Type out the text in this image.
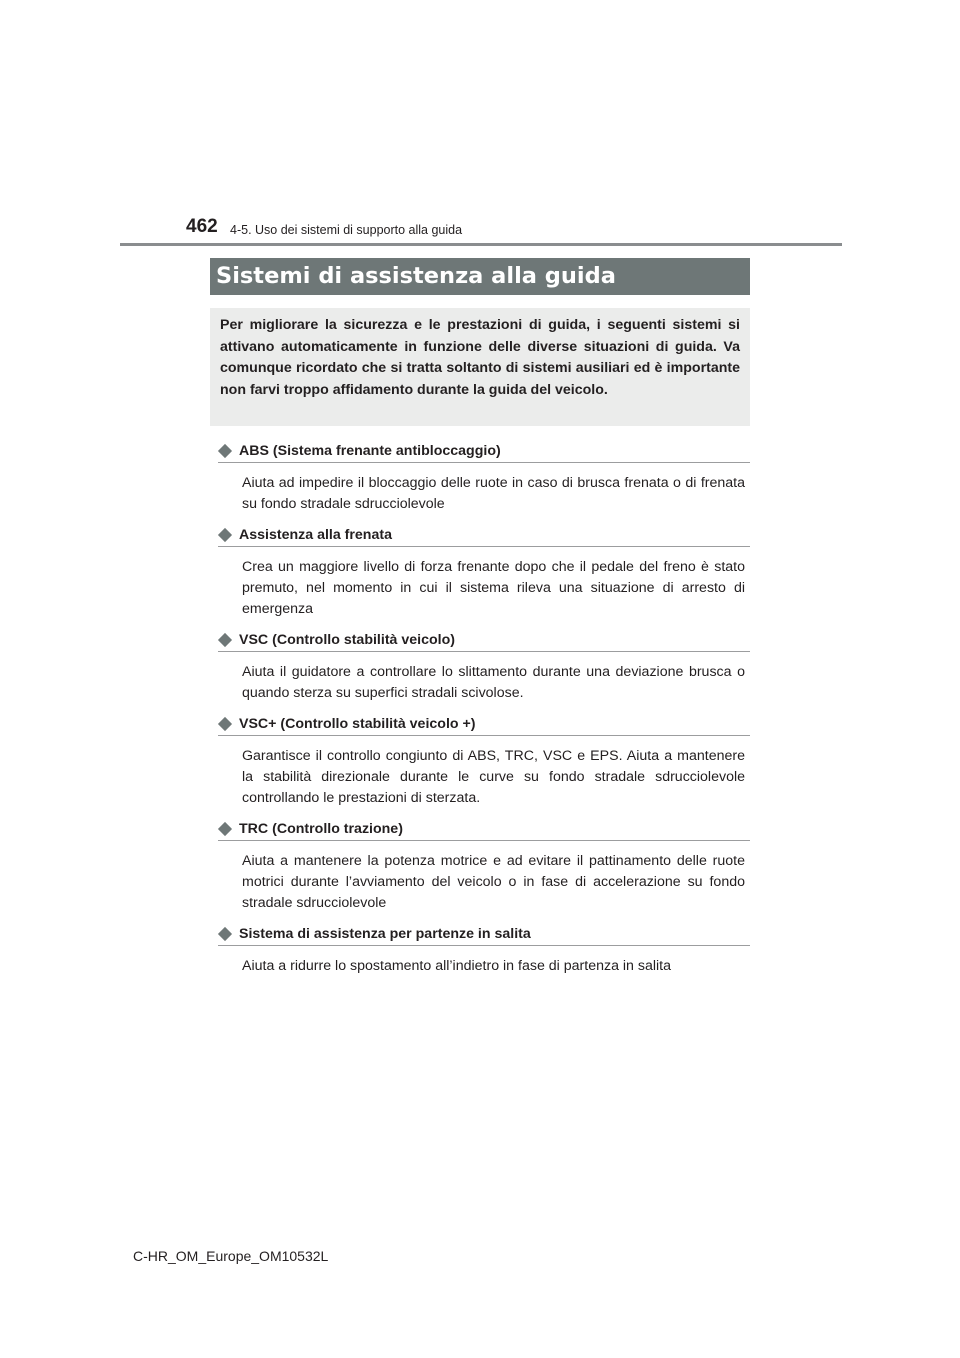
462 4-5. Uso dei sistemi di supporto alla guida
Sistemi di assistenza alla guida

Per migliorare la sicurezza e le prestazioni di guida, i seguenti sistemi si attivano automaticamente in funzione delle diverse situazioni di guida. Va comunque ricordato che si tratta soltanto di sistemi ausiliari ed è importante non farvi troppo affidamento durante la guida del veicolo.

ABS (Sistema frenante antibloccaggio)

Aiuta ad impedire il bloccaggio delle ruote in caso di brusca frenata o di frenata su fondo stradale sdrucciolevole

Assistenza alla frenata

Crea un maggiore livello di forza frenante dopo che il pedale del freno è stato premuto, nel momento in cui il sistema rileva una situazione di arresto di emergenza

VSC (Controllo stabilità veicolo)

Aiuta il guidatore a controllare lo slittamento durante una deviazione brusca o quando sterza su superfici stradali scivolose.

VSC+ (Controllo stabilità veicolo +)

Garantisce il controllo congiunto di ABS, TRC, VSC e EPS. Aiuta a mantenere la stabilità direzionale durante le curve su fondo stradale sdrucciolevole controllando le prestazioni di sterzata.

TRC (Controllo trazione)

Aiuta a mantenere la potenza motrice e ad evitare il pattinamento delle ruote motrici durante l’avviamento del veicolo o in fase di accelerazione su fondo stradale sdrucciolevole

Sistema di assistenza per partenze in salita

Aiuta a ridurre lo spostamento all’indietro in fase di partenza in salita

C-HR_OM_Europe_OM10532L
